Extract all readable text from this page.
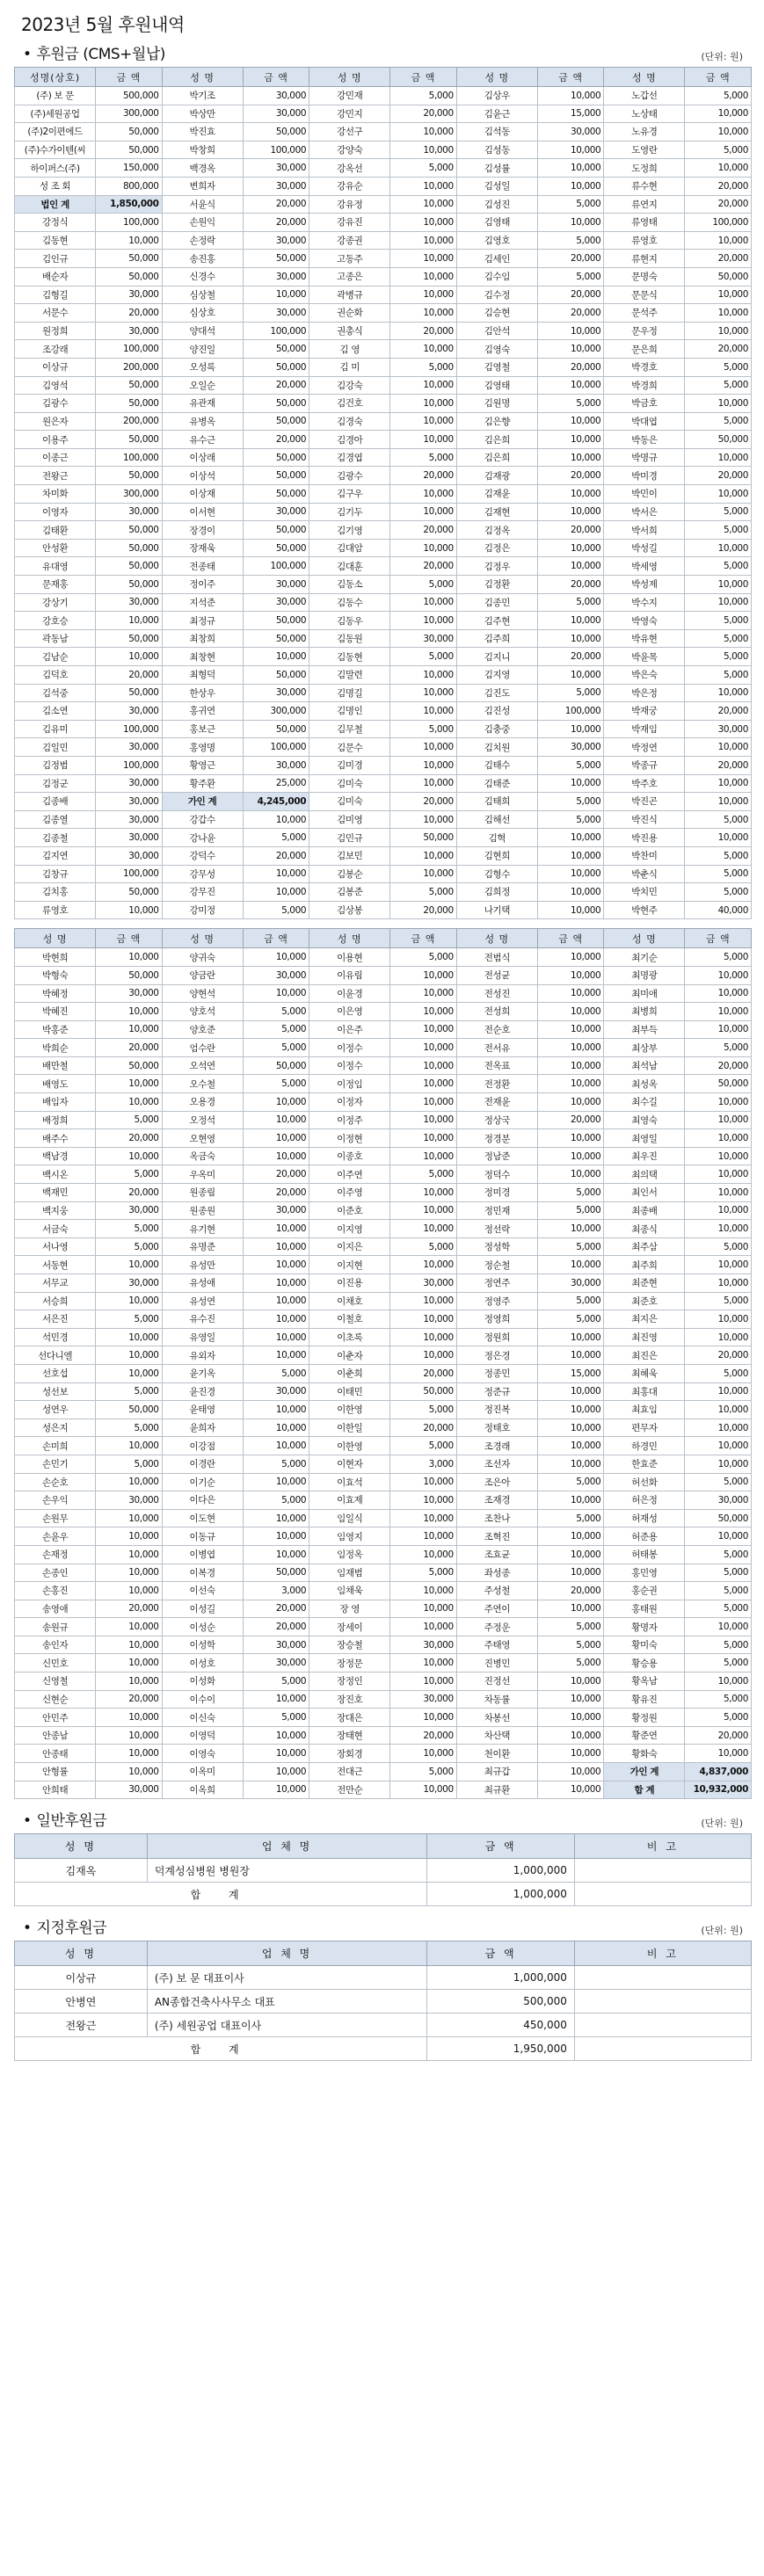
2023년 5월 후원내역
• 후원금 (CMS+월납)	(단위: 원)
성명(상호)	금 액	성 명	금 액	성 명	금 액	성 명	금 액	성 명	금 액
(주) 보 문	500,000	박기조	30,000	강민재	5,000	김상우	10,000	노갑선	5,000
(주)세원공업	300,000	박상만	30,000	강민지	20,000	김윤근	15,000	노상태	10,000
(주)2이편에드	50,000	박진효	50,000	강선구	10,000	김석동	30,000	노유경	10,000
(주)수가이텐(씨	50,000	박창희	100,000	강양숙	10,000	김성동	10,000	도영란	5,000
하이퍼스(주)	150,000	백경옥	30,000	강옥선	5,000	김성률	10,000	도정희	10,000
성 조 회	800,000	변희자	30,000	강유순	10,000	김성일	10,000	류수현	20,000
법인 계	1,850,000	서윤식	20,000	강유정	10,000	김성진	5,000	류연지	20,000
강정식	100,000	손원익	20,000	강유진	10,000	김영태	10,000	류영태	100,000
김동현	10,000	손정락	30,000	강종권	10,000	김영호	5,000	류영호	10,000
김인규	50,000	송진홍	50,000	고동주	10,000	김세인	20,000	류현지	20,000
배순자	50,000	신경수	30,000	고종은	10,000	김수임	5,000	문명숙	50,000
김형길	30,000	심상철	10,000	곽병규	10,000	김수정	20,000	문문식	10,000
서문수	20,000	심상호	30,000	권순화	10,000	김승현	20,000	문석주	10,000
원정희	30,000	양대석	100,000	권총식	20,000	김안석	10,000	문우정	10,000
조강래	100,000	양진일	50,000	김 영	10,000	김영숙	10,000	문은희	20,000
이상규	200,000	오성록	50,000	김 미	5,000	김영철	20,000	박경호	5,000
김영석	50,000	오일순	20,000	김강숙	10,000	김영태	10,000	박경희	5,000
김광수	50,000	유관재	50,000	김건호	10,000	김원명	5,000	박금호	10,000
원은자	200,000	유병옥	50,000	김경숙	10,000	김은향	10,000	박대엽	5,000
이용주	50,000	유수근	20,000	김경아	10,000	김은희	10,000	박동은	50,000
이종근	100,000	이상래	50,000	김경엽	5,000	김은희	10,000	박명규	10,000
전왕근	50,000	이상석	50,000	김광수	20,000	김재광	20,000	박미경	20,000
차미화	300,000	이상재	50,000	김구우	10,000	김재윤	10,000	박민이	10,000
이영자	30,000	이서현	30,000	김기두	10,000	김재현	10,000	박서은	5,000
김태환	50,000	장경이	50,000	김기영	20,000	김정옥	20,000	박서희	5,000
안성환	50,000	장재욱	50,000	김대암	10,000	김정은	10,000	박성길	10,000
유대영	50,000	전종태	100,000	김대훈	20,000	김정우	10,000	박세영	5,000
문재홍	50,000	정이주	30,000	김동소	5,000	김정환	20,000	박성제	10,000
강상기	30,000	지석준	30,000	김동수	10,000	김종민	5,000	박수지	10,000
강호승	10,000	최정규	50,000	김동우	10,000	김주현	10,000	박영숙	5,000
곽동남	50,000	최창희	50,000	김동원	30,000	김주희	10,000	박유현	5,000
김남순	10,000	최창현	10,000	김동현	5,000	김지니	20,000	박윤목	5,000
김덕호	20,000	최형덕	50,000	김말련	10,000	김지영	10,000	박은숙	5,000
김석중	50,000	한상우	30,000	김명길	10,000	김진도	5,000	박은정	10,000
김소연	30,000	홍귀연	300,000	김명인	10,000	김진성	100,000	박재궁	20,000
김유미	100,000	홍보근	50,000	김무철	5,000	김충중	10,000	박재임	30,000
김일민	30,000	홍영명	100,000	김문수	10,000	김치원	30,000	박정연	10,000
김정범	100,000	황영근	30,000	김미경	10,000	김태수	5,000	박종규	20,000
김정군	30,000	황주환	25,000	김미숙	10,000	김태준	10,000	박주호	10,000
김종배	30,000	가인 계	4,245,000	김미숙	20,000	김태희	5,000	박진곤	10,000
김종열	30,000	강갑수	10,000	김미영	10,000	김해선	5,000	박진식	5,000
김종철	30,000	강나윤	5,000	김민규	50,000	김혁	10,000	박진용	10,000
김지연	30,000	강덕수	20,000	김보민	10,000	김현희	10,000	박찬미	5,000
김창규	100,000	강무성	10,000	김봉순	10,000	김형수	10,000	박춘식	5,000
김치홍	50,000	강무진	10,000	김봉준	5,000	김희정	10,000	박치민	5,000
류영호	10,000	강미정	5,000	김상봉	20,000	나기택	10,000	박현주	40,000
성 명	금 액	성 명	금 액	성 명	금 액	성 명	금 액	성 명	금 액
박현희	10,000	양귀숙	10,000	이용현	5,000	전범식	10,000	최기순	5,000
박형숙	50,000	양금란	30,000	이유림	10,000	전성균	10,000	최명광	10,000
박혜정	30,000	양현석	10,000	이윤경	10,000	전성진	10,000	최미애	10,000
박혜진	10,000	양호석	5,000	이은영	10,000	전성희	10,000	최병희	10,000
박홍준	10,000	양호준	5,000	이은주	10,000	전순호	10,000	최부득	10,000
박희순	20,000	엄수란	5,000	이정수	10,000	전서유	10,000	최상부	5,000
배만철	50,000	오석연	50,000	이정수	10,000	전옥표	10,000	최석남	20,000
배영도	10,000	오수철	5,000	이정임	10,000	전정환	10,000	최성옥	50,000
배임자	10,000	오용경	10,000	이정자	10,000	전재윤	10,000	최수길	10,000
배정희	5,000	오정석	10,000	이정주	10,000	정상국	20,000	최영숙	10,000
배주수	20,000	오현영	10,000	이정현	10,000	정경분	10,000	최영일	10,000
백남경	10,000	옥금숙	10,000	이종호	10,000	정남준	10,000	최우진	10,000
백시온	5,000	우옥미	20,000	이주연	5,000	정덕수	10,000	최의택	10,000
백재민	20,000	원종림	20,000	이주영	10,000	정미경	5,000	최인서	10,000
백지웅	30,000	원종원	30,000	이준호	10,000	정민재	5,000	최종배	10,000
서금숙	5,000	유기현	10,000	이지영	10,000	정선락	10,000	최종식	10,000
서나영	5,000	유명준	10,000	이지은	5,000	정성학	5,000	최주삼	5,000
서동현	10,000	유성만	10,000	이지현	10,000	정순철	10,000	최주희	10,000
서무교	30,000	유성애	10,000	이진용	30,000	정연주	30,000	최준현	10,000
서승희	10,000	유성연	10,000	이채호	10,000	정영주	5,000	최준호	5,000
서은진	5,000	유수진	10,000	이철호	10,000	정영희	5,000	최지은	10,000
석민경	10,000	유영일	10,000	이초록	10,000	정원희	10,000	최진영	10,000
선다니엘	10,000	유외자	10,000	이춘자	10,000	정은경	10,000	최진은	20,000
선호섭	10,000	윤기옥	5,000	이춘희	20,000	정종민	15,000	최혜욱	5,000
성선보	5,000	윤진경	30,000	이태민	50,000	정준규	10,000	최홍대	10,000
성연우	50,000	윤태영	10,000	이한영	5,000	정진복	10,000	최효임	10,000
성은지	5,000	윤희자	10,000	이한일	20,000	정태호	10,000	편무자	10,000
손미희	10,000	이강점	10,000	이한영	5,000	조경래	10,000	하경민	10,000
손민기	5,000	이경란	5,000	이현자	3,000	조선자	10,000	한효준	10,000
손순호	10,000	이기순	10,000	이효석	10,000	조은아	5,000	허선화	5,000
손우익	30,000	이다은	5,000	이효제	10,000	조재경	10,000	허은정	30,000
손원무	10,000	이도현	10,000	임일식	10,000	조찬나	5,000	허재성	50,000
손윤우	10,000	이동규	10,000	임영지	10,000	조혁진	10,000	허준용	10,000
손재정	10,000	이병엽	10,000	임정옥	10,000	조효균	10,000	허태봉	5,000
손종인	10,000	이복경	50,000	임재범	5,000	좌성종	10,000	홍민영	5,000
손홍진	10,000	이선숙	3,000	임채욱	10,000	주성철	20,000	홍순권	5,000
송영애	20,000	이성길	20,000	장 영	10,000	주연이	10,000	홍태원	5,000
송원규	10,000	이성순	20,000	장세이	10,000	주정운	5,000	황명자	10,000
송인자	10,000	이성학	30,000	장승철	30,000	주태영	5,000	황미숙	5,000
신민호	10,000	이성호	30,000	장정문	10,000	진병민	5,000	황승용	5,000
신영철	10,000	이성화	5,000	장정인	10,000	진정선	10,000	황옥남	10,000
신현순	20,000	이수이	10,000	장진호	30,000	차동률	10,000	황유진	5,000
안민주	10,000	이신숙	5,000	장대은	10,000	차봉선	10,000	황정원	5,000
안종남	10,000	이영덕	10,000	장태현	20,000	차산택	10,000	황준연	20,000
안종태	10,000	이영숙	10,000	장회경	10,000	천이환	10,000	황화숙	10,000
안형률	10,000	이옥미	10,000	전대근	5,000	최규갑	10,000	가인 계	4,837,000
안희태	30,000	이옥희	10,000	전만순	10,000	최규환	10,000	합 계	10,932,000
• 일반후원금	(단위: 원)
성 명	업 체 명	금 액	비 고
김재옥	덕계성심병원 병원장	1,000,000	
합 계		1,000,000	
• 지정후원금	(단위: 원)
성 명	업 체 명	금 액	비 고
이상규	(주) 보 문 대표이사	1,000,000	
안병연	AN종합건축사사무소 대표	500,000	
전왕근	(주) 세원공업 대표이사	450,000	
합 계		1,950,000	
